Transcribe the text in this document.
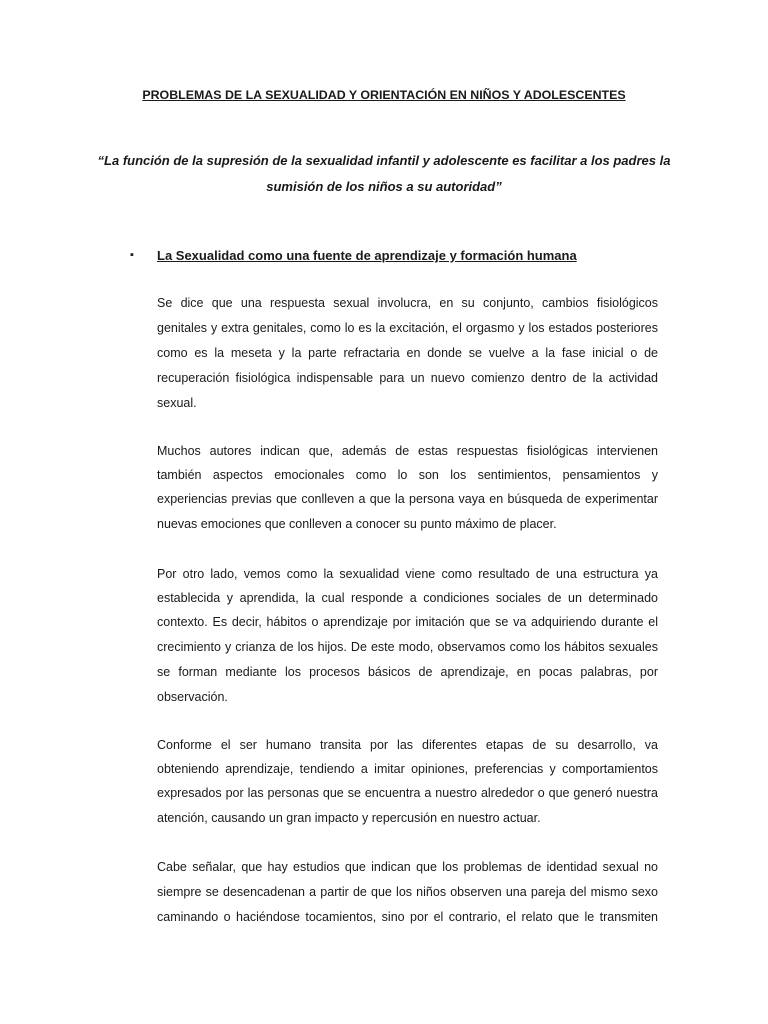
PROBLEMAS DE LA SEXUALIDAD Y ORIENTACIÓN EN NIÑOS Y ADOLESCENTES
“La función de la supresión de la sexualidad infantil y adolescente es facilitar a los padres la
sumisión de los niños a su autoridad”
▪ La Sexualidad como una fuente de aprendizaje y formación humana
Se dice que una respuesta sexual involucra, en su conjunto, cambios fisiológicos
genitales y extra genitales, como lo es la excitación, el orgasmo y los estados posteriores
como es la meseta y la parte refractaria en donde se vuelve a la fase inicial o de
recuperación fisiológica indispensable para un nuevo comienzo dentro de la actividad
sexual.
Muchos autores indican que, además de estas respuestas fisiológicas intervienen
también aspectos emocionales como lo son los sentimientos, pensamientos y
experiencias previas que conlleven a que la persona vaya en búsqueda de experimentar
nuevas emociones que conlleven a conocer su punto máximo de placer.
Por otro lado, vemos como la sexualidad viene como resultado de una estructura ya
establecida y aprendida, la cual responde a condiciones sociales de un determinado
contexto. Es decir, hábitos o aprendizaje por imitación que se va adquiriendo durante el
crecimiento y crianza de los hijos. De este modo, observamos como los hábitos sexuales
se forman mediante los procesos básicos de aprendizaje, en pocas palabras, por
observación.
Conforme el ser humano transita por las diferentes etapas de su desarrollo, va
obteniendo aprendizaje, tendiendo a imitar opiniones, preferencias y comportamientos
expresados por las personas que se encuentra a nuestro alrededor o que generó nuestra
atención, causando un gran impacto y repercusión en nuestro actuar.
Cabe señalar, que hay estudios que indican que los problemas de identidad sexual no
siempre se desencadenan a partir de que los niños observen una pareja del mismo sexo
caminando o haciéndose tocamientos, sino por el contrario, el relato que le transmiten
